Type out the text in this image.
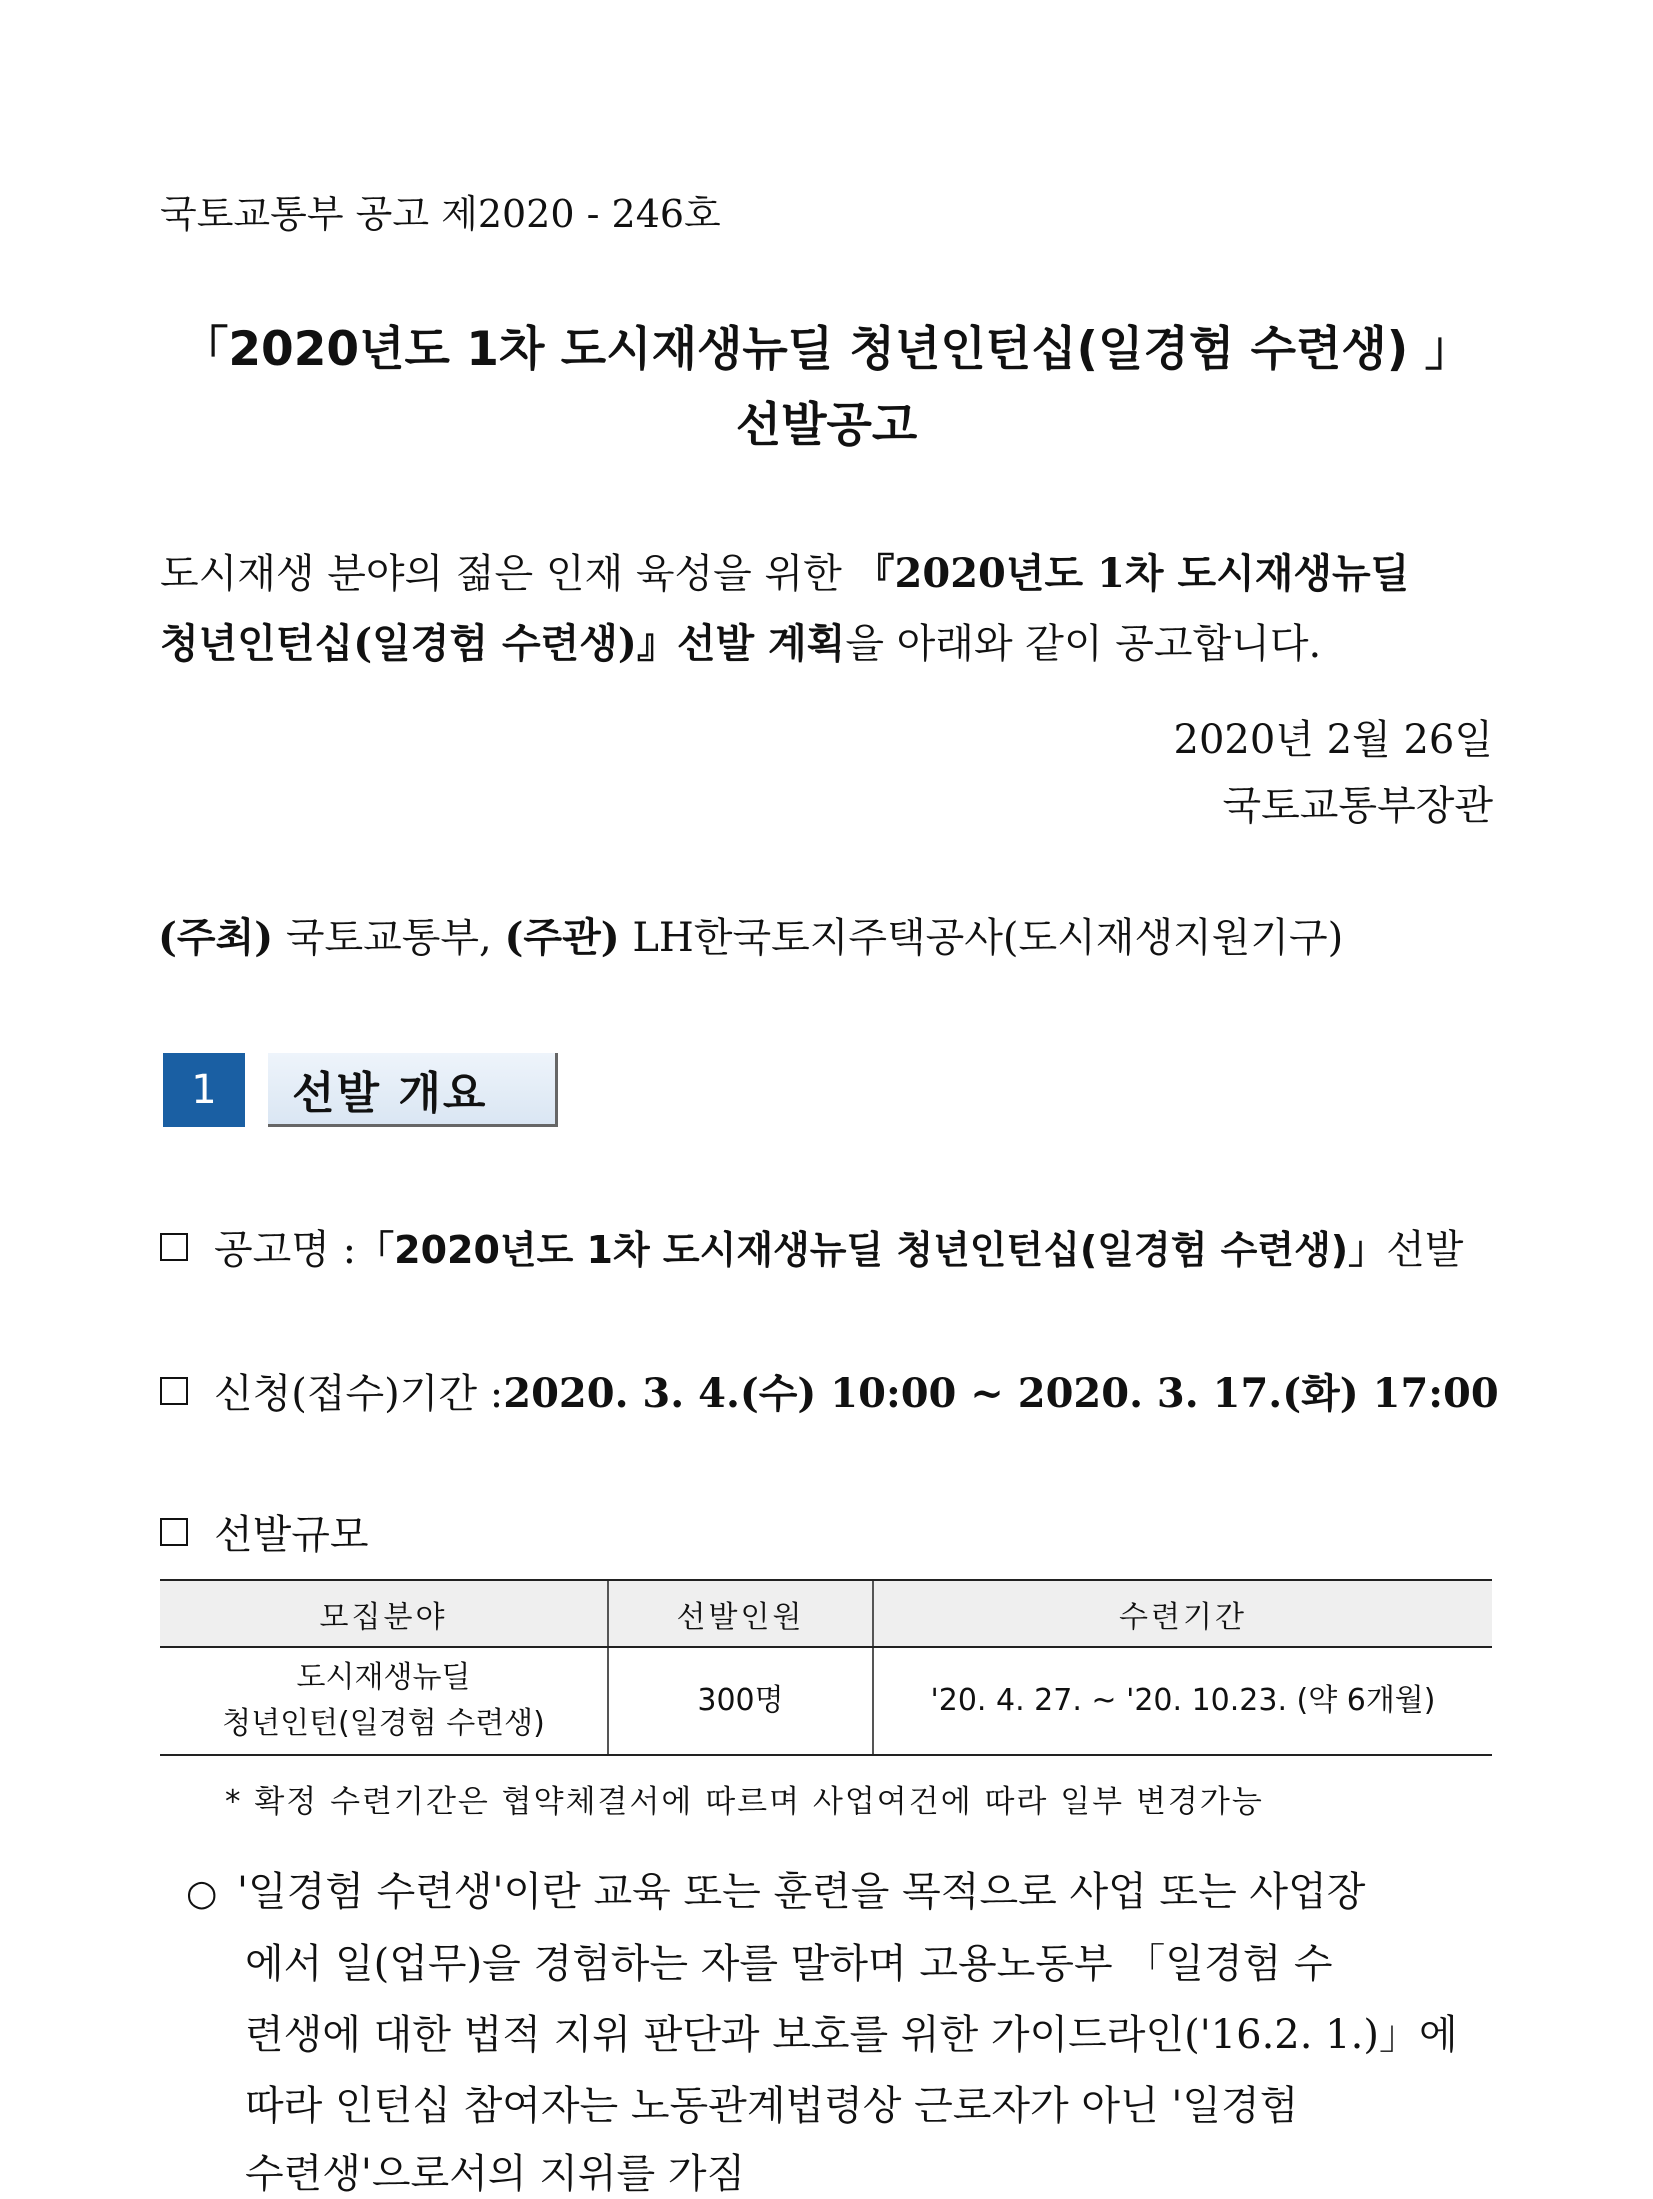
국토교통부 공고 제2020 - 246호
「2020년도 1차 도시재생뉴딜 청년인턴십(일경험 수련생) 」
선발공고
도시재생 분야의 젊은 인재 육성을 위한 『2020년도 1차 도시재생뉴딜
청년인턴십(일경험 수련생)』선발 계획을 아래와 같이 공고합니다.
2020년 2월 26일
국토교통부장관
(주최) 국토교통부, (주관) LH한국토지주택공사(도시재생지원기구)
1	선발 개요
공고명 : 「2020년도 1차 도시재생뉴딜 청년인턴십(일경험 수련생)」 선발
신청(접수)기간 : 2020. 3. 4.(수) 10:00 ~ 2020. 3. 17.(화) 17:00
선발규모
모집분야	선발인원	수련기간

도시재생뉴딜
청년인턴(일경험 수련생)	300명	'20. 4. 27. ~ '20. 10.23. (약 6개월)
* 확정 수련기간은 협약체결서에 따르며 사업여건에 따라 일부 변경가능
○ '일경험 수련생'이란 교육 또는 훈련을 목적으로 사업 또는 사업장
에서 일(업무)을 경험하는 자를 말하며 고용노동부 「일경험 수
련생에 대한 법적 지위 판단과 보호를 위한 가이드라인('16.2. 1.)」에
따라 인턴십 참여자는 노동관계법령상 근로자가 아닌 '일경험
수련생'으로서의 지위를 가짐
